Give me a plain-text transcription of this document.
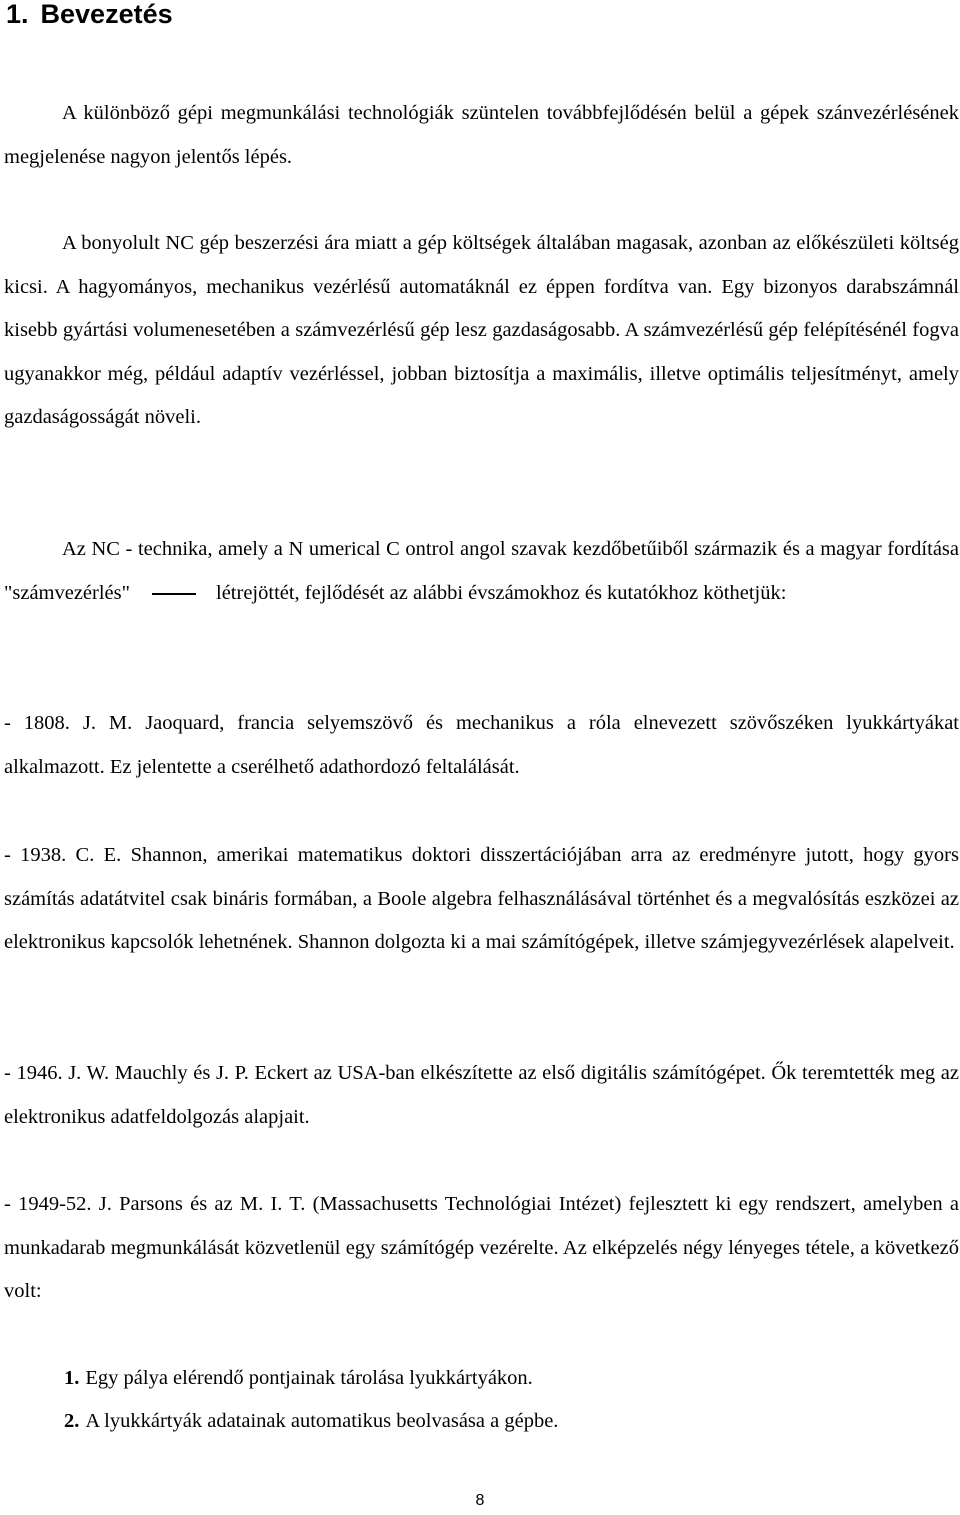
1. Bevezetés

A különböző gépi megmunkálási technológiák szüntelen továbbfejlődésén belül a gépek szánvezérlésének megjelenése nagyon jelentős lépés.

A bonyolult NC gép beszerzési ára miatt a gép költségek általában magasak, azonban az előkészületi költség kicsi. A hagyományos, mechanikus vezérlésű automatáknál ez éppen fordítva van. Egy bizonyos darabszámnál kisebb gyártási volumenesetében a számvezérlésű gép lesz gazdaságosabb. A számvezérlésű gép felépítésénél fogva ugyanakkor még, például adaptív vezérléssel, jobban biztosítja a maximális, illetve optimális teljesítményt, amely gazdaságosságát növeli.

Az NC - technika, amely a N umerical C ontrol angol szavak kezdőbetűiből származik és a magyar fordítása "számvezérlés"	létrejöttét, fejlődését az alábbi évszámokhoz és kutatókhoz köthetjük:

- 1808. J. M. Jaoquard, francia selyemszövő és mechanikus a róla elnevezett szövőszéken lyukkártyákat alkalmazott. Ez jelentette a cserélhető adathordozó feltalálását.

- 1938. C. E. Shannon, amerikai matematikus doktori disszertációjában arra az eredményre jutott, hogy gyors számítás adatátvitel csak bináris formában, a Boole algebra felhasználásával történhet és a megvalósítás eszközei az elektronikus kapcsolók lehetnének. Shannon dolgozta ki a mai számítógépek, illetve számjegyvezérlések alapelveit.

- 1946. J. W. Mauchly és J. P. Eckert az USA-ban elkészítette az első digitális számítógépet. Ők teremtették meg az elektronikus adatfeldolgozás alapjait.

- 1949-52. J. Parsons és az M. I. T. (Massachusetts Technológiai Intézet) fejlesztett ki egy rendszert, amelyben a munkadarab megmunkálását közvetlenül egy számítógép vezérelte. Az elképzelés négy lényeges tétele, a következő volt:

1. Egy pálya elérendő pontjainak tárolása lyukkártyákon.
2. A lyukkártyák adatainak automatikus beolvasása a gépbe.
8
